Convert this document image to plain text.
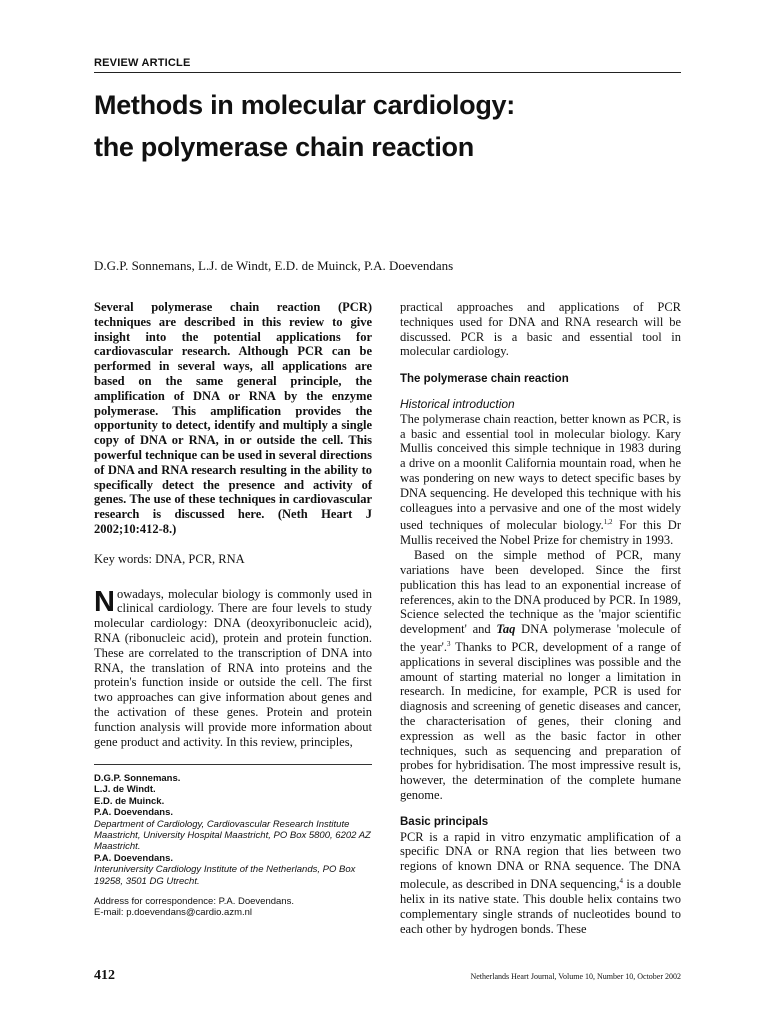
REVIEW ARTICLE
Methods in molecular cardiology:
the polymerase chain reaction
D.G.P. Sonnemans, L.J. de Windt, E.D. de Muinck, P.A. Doevendans

Several polymerase chain reaction (PCR) techniques are described in this review to give insight into the potential applications for cardiovascular research. Although PCR can be performed in several ways, all applications are based on the same general principle, the amplification of DNA or RNA by the enzyme polymerase. This amplification provides the opportunity to detect, identify and multiply a single copy of DNA or RNA, in or outside the cell. This powerful technique can be used in several directions of DNA and RNA research resulting in the ability to specifically detect the presence and activity of genes. The use of these techniques in cardiovascular research is discussed here. (Neth Heart J 2002;10:412-8.)

Key words: DNA, PCR, RNA

Nowadays, molecular biology is commonly used in clinical cardiology. There are four levels to study molecular cardiology: DNA (deoxyribonucleic acid), RNA (ribonucleic acid), protein and protein function. These are correlated to the transcription of DNA into RNA, the translation of RNA into proteins and the protein's function inside or outside the cell. The first two approaches can give information about genes and the activation of these genes. Protein and protein function analysis will provide more information about gene product and activity. In this review, principles,
D.G.P. Sonnemans.
L.J. de Windt.
E.D. de Muinck.
P.A. Doevendans.
Department of Cardiology, Cardiovascular Research Institute Maastricht, University Hospital Maastricht, PO Box 5800, 6202 AZ Maastricht.
P.A. Doevendans.
Interuniversity Cardiology Institute of the Netherlands, PO Box 19258, 3501 DG Utrecht.
Address for correspondence: P.A. Doevendans.
E-mail: p.doevendans@cardio.azm.nl

practical approaches and applications of PCR techniques used for DNA and RNA research will be discussed. PCR is a basic and essential tool in molecular cardiology.

The polymerase chain reaction
Historical introduction

The polymerase chain reaction, better known as PCR, is a basic and essential tool in molecular biology. Kary Mullis conceived this simple technique in 1983 during a drive on a moonlit California mountain road, when he was pondering on new ways to detect specific bases by DNA sequencing. He developed this technique with his colleagues into a pervasive and one of the most widely used techniques of molecular biology.$^{1,2}$ For this Dr Mullis received the Nobel Prize for chemistry in 1993.

Based on the simple method of PCR, many variations have been developed. Since the first publication this has lead to an exponential increase of references, akin to the DNA produced by PCR. In 1989, Science selected the technique as the 'major scientific development' and Taq DNA polymerase 'molecule of the year'.$^3$ Thanks to PCR, development of a range of applications in several disciplines was possible and the amount of starting material no longer a limitation in research. In medicine, for example, PCR is used for diagnosis and screening of genetic diseases and cancer, the characterisation of genes, their cloning and expression as well as the basic factor in other techniques, such as sequencing and preparation of probes for hybridisation. The most impressive result is, however, the determination of the complete humane genome.

Basic principals

PCR is a rapid in vitro enzymatic amplification of a specific DNA or RNA region that lies between two regions of known DNA or RNA sequence. The DNA molecule, as described in DNA sequencing,$^4$ is a double helix in its native state. This double helix contains two complementary single strands of nucleotides bound to each other by hydrogen bonds. These

412	Netherlands Heart Journal, Volume 10, Number 10, October 2002
